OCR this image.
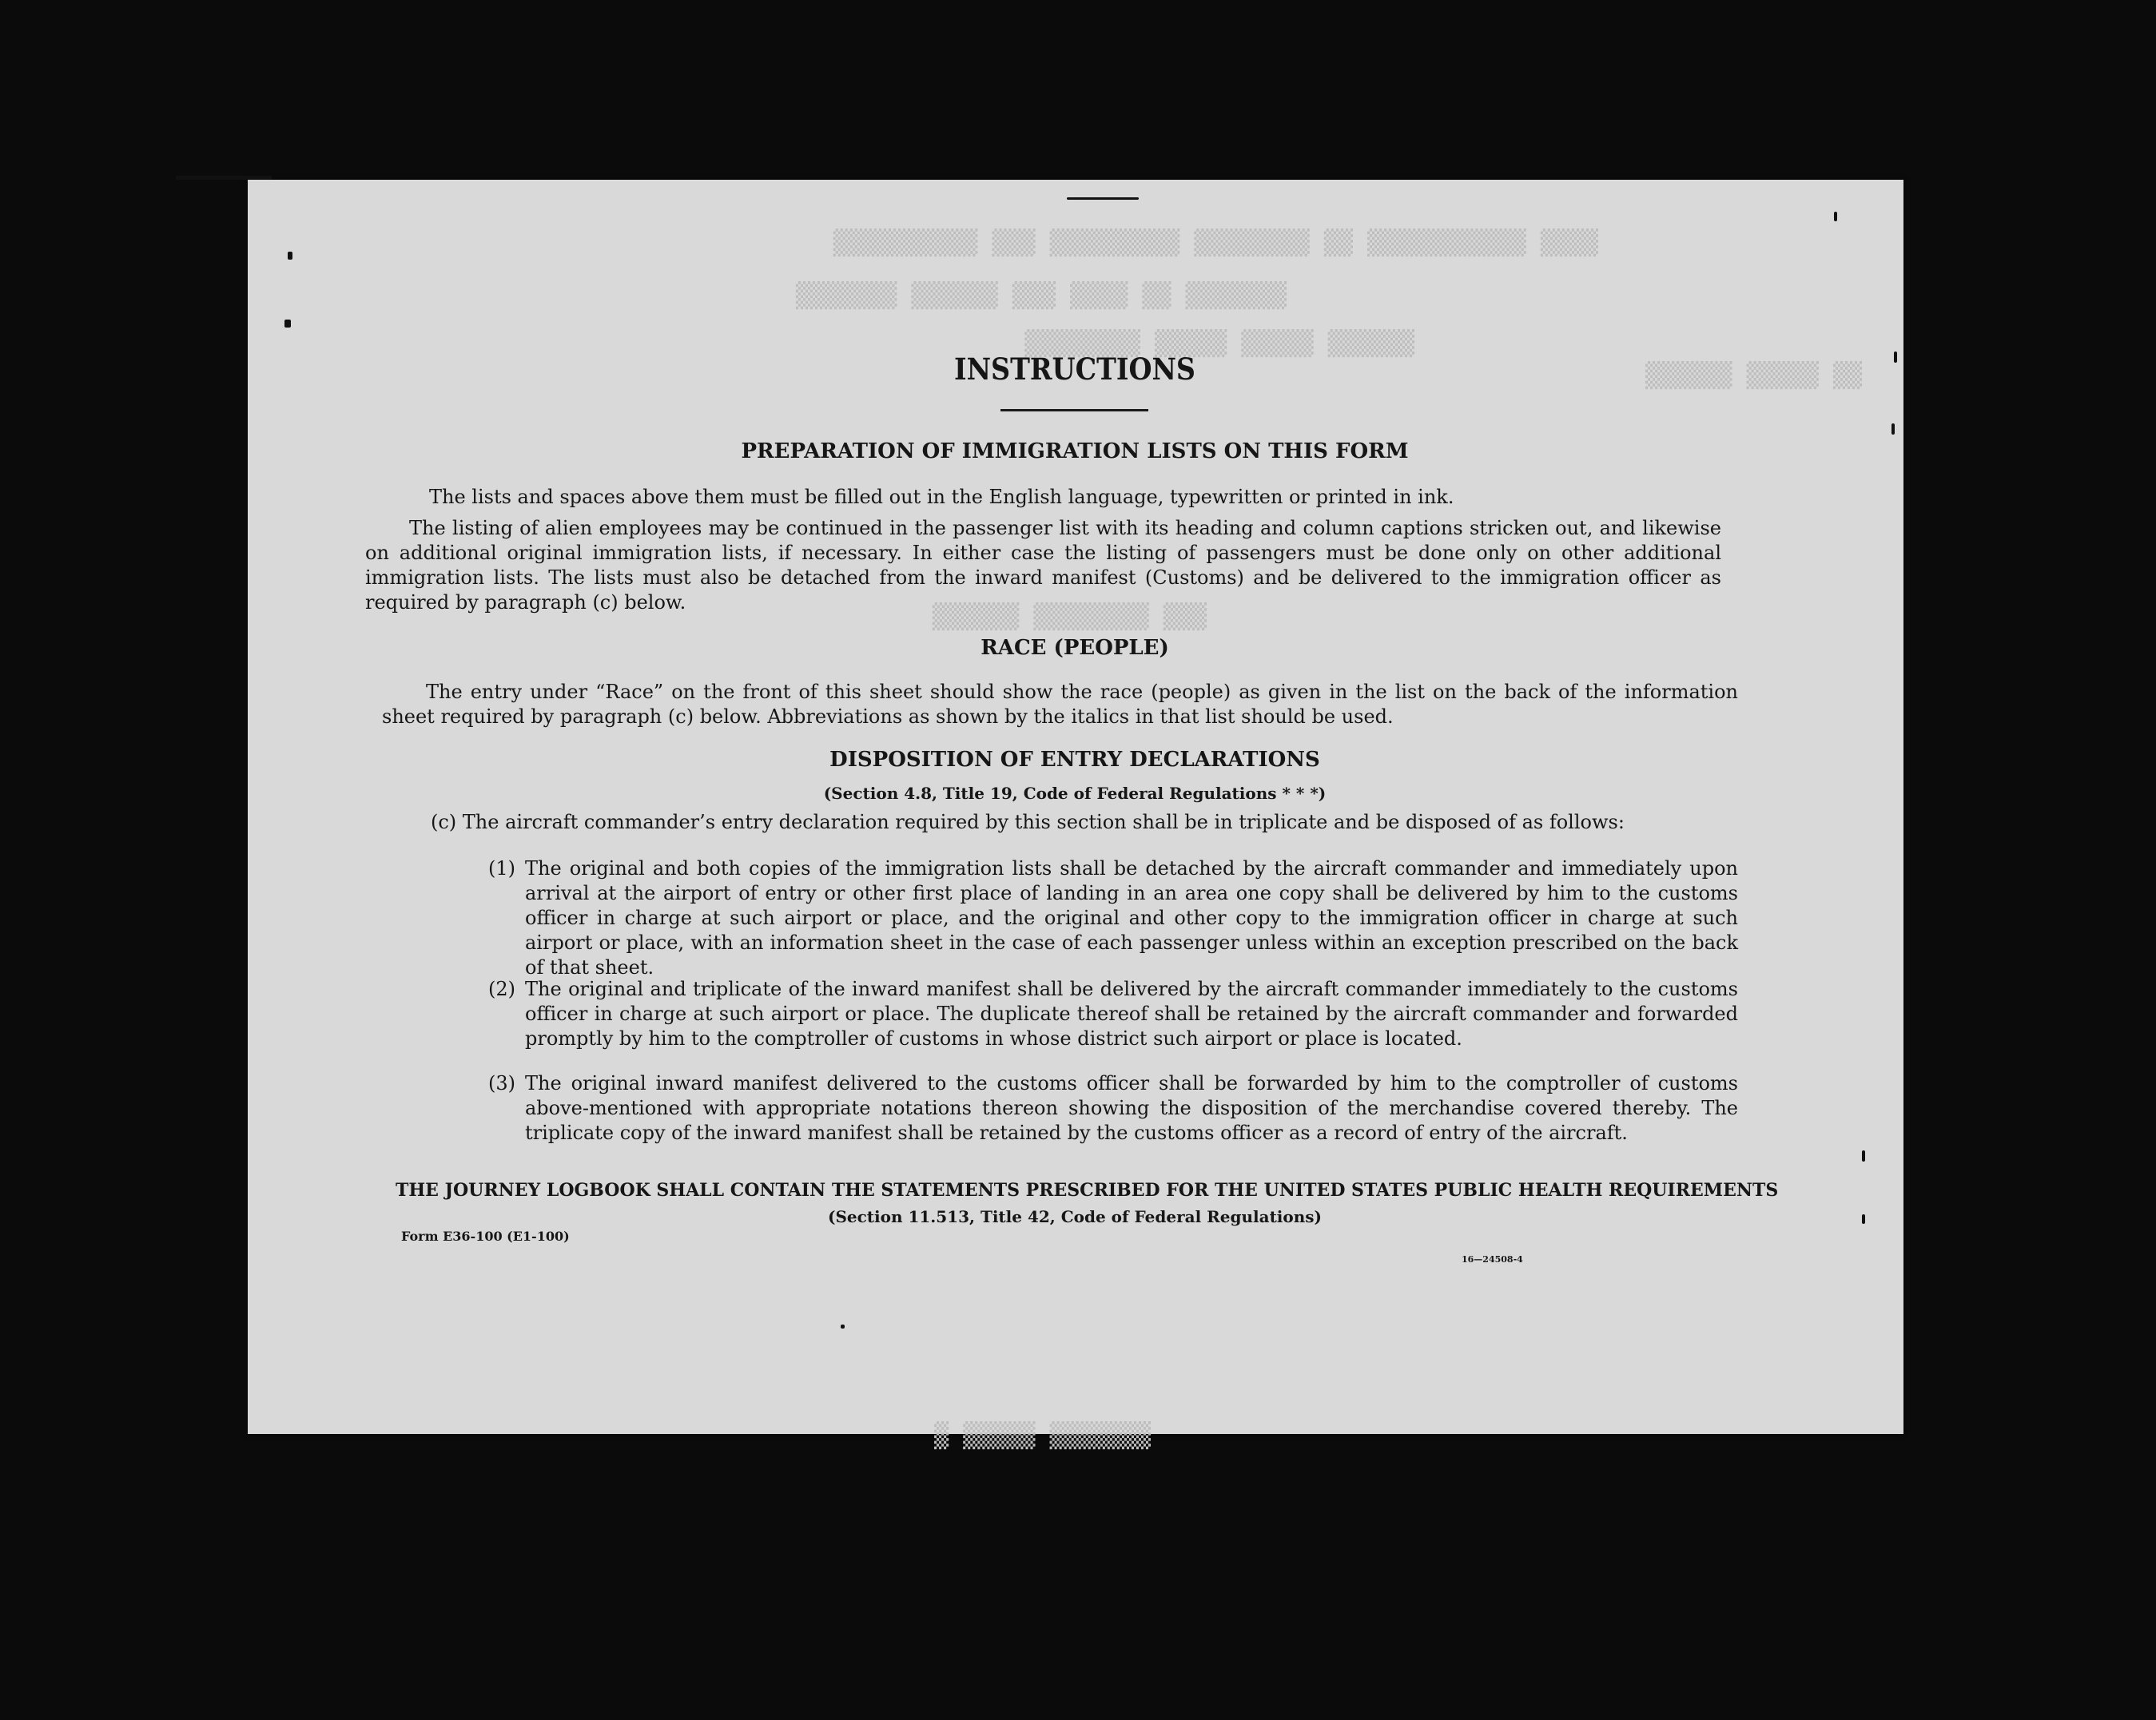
▒▒▒▒ ▒▒▒▒▒▒▒▒▒▒▒ ▒▒ ▒▒▒▒▒▒▒▒ ▒▒▒▒▒▒▒▒▒ ▒▒▒ ▒▒▒▒▒▒▒▒▒▒
▒▒▒▒▒▒▒ ▒▒ ▒▒▒▒ ▒▒▒ ▒▒▒▒▒▒ ▒▒▒▒▒▒▒
▒▒▒▒▒▒ ▒▒▒▒▒ ▒▒▒▒▒ ▒▒▒▒▒▒▒▒
▒▒ ▒▒▒▒▒ ▒▒▒▒▒▒
▒▒▒ ▒▒▒▒▒▒▒▒ ▒▒▒▒▒▒
▒▒▒▒▒▒▒ ▒▒▒▒▒ ▒
INSTRUCTIONS
PREPARATION OF IMMIGRATION LISTS ON THIS FORM

The lists and spaces above them must be filled out in the English language, typewritten or printed in ink.

The listing of alien employees may be continued in the passenger list with its heading and column captions stricken out, and likewise on additional original immigration lists, if necessary. In either case the listing of passengers must be done only on other additional immigration lists. The lists must also be detached from the inward manifest (Customs) and be delivered to the immigration officer as required by paragraph (c) below.

RACE (PEOPLE)

The entry under “Race” on the front of this sheet should show the race (people) as given in the list on the back of the information sheet required by paragraph (c) below. Abbreviations as shown by the italics in that list should be used.

DISPOSITION OF ENTRY DECLARATIONS
(Section 4.8, Title 19, Code of Federal Regulations * * *)

(c) The aircraft commander’s entry declaration required by this section shall be in triplicate and be disposed of as follows:

(1) The original and both copies of the immigration lists shall be detached by the aircraft commander and immediately upon arrival at the airport of entry or other first place of landing in an area one copy shall be delivered by him to the customs officer in charge at such airport or place, and the original and other copy to the immigration officer in charge at such airport or place, with an information sheet in the case of each passenger unless within an exception prescribed on the back of that sheet.
(2) The original and triplicate of the inward manifest shall be delivered by the aircraft commander immediately to the customs officer in charge at such airport or place. The duplicate thereof shall be retained by the aircraft commander and forwarded promptly by him to the comptroller of customs in whose district such airport or place is located.
(3) The original inward manifest delivered to the customs officer shall be forwarded by him to the comptroller of customs above-mentioned with appropriate notations thereon showing the disposition of the merchandise covered thereby. The triplicate copy of the inward manifest shall be retained by the customs officer as a record of entry of the aircraft.
THE JOURNEY LOGBOOK SHALL CONTAIN THE STATEMENTS PRESCRIBED FOR THE UNITED STATES PUBLIC HEALTH REQUIREMENTS
(Section 11.513, Title 42, Code of Federal Regulations)
Form E36-100 (E1-100)
16—24508-4
